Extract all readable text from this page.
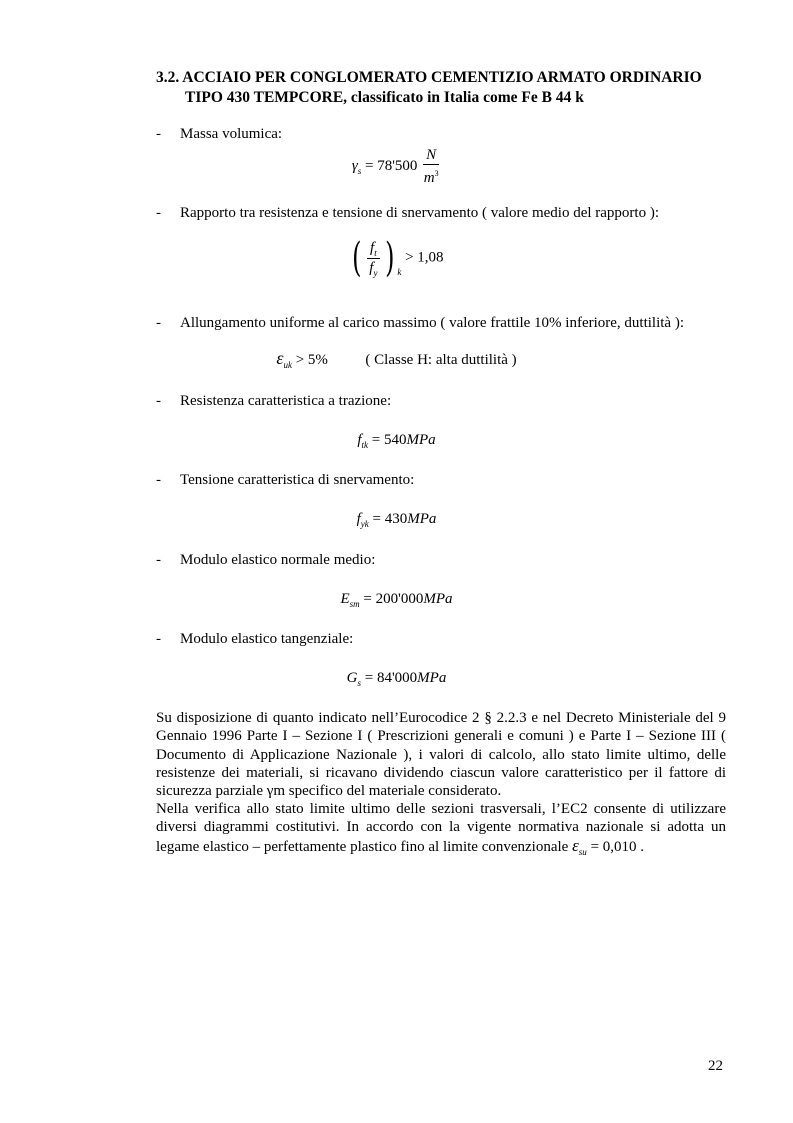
3.2. ACCIAIO PER CONGLOMERATO CEMENTIZIO ARMATO ORDINARIO
TIPO 430 TEMPCORE, classificato in Italia come Fe B 44 k
- Massa volumica:
$\gamma_s = 78'500 \frac{N}{m^3}$
- Rapporto tra resistenza e tensione di snervamento ( valore medio del rapporto ):
( $\frac{f_t}{f_y}$ ) $_k$ > 1,08
- Allungamento uniforme al carico massimo ( valore frattile 10% inferiore, duttilità ):
$\varepsilon_{uk} > 5\%$	( Classe H: alta duttilità )
- Resistenza caratteristica a trazione:
$f_{tk} = 540MPa$
- Tensione caratteristica di snervamento:
$f_{yk} = 430MPa$
- Modulo elastico normale medio:
$E_{sm} = 200'000MPa$
- Modulo elastico tangenziale:
$G_s = 84'000MPa$
Su disposizione di quanto indicato nell’Eurocodice 2 § 2.2.3 e nel Decreto Ministeriale del 9 Gennaio 1996 Parte I – Sezione I ( Prescrizioni generali e comuni ) e Parte I – Sezione III ( Documento di Applicazione Nazionale ), i valori di calcolo, allo stato limite ultimo, delle resistenze dei materiali, si ricavano dividendo ciascun valore caratteristico per il fattore di sicurezza parziale γm specifico del materiale considerato.
Nella verifica allo stato limite ultimo delle sezioni trasversali, l’EC2 consente di utilizzare diversi diagrammi costitutivi. In accordo con la vigente normativa nazionale si adotta un legame elastico – perfettamente plastico fino al limite convenzionale $\varepsilon_{su} = 0,010$ .
22
